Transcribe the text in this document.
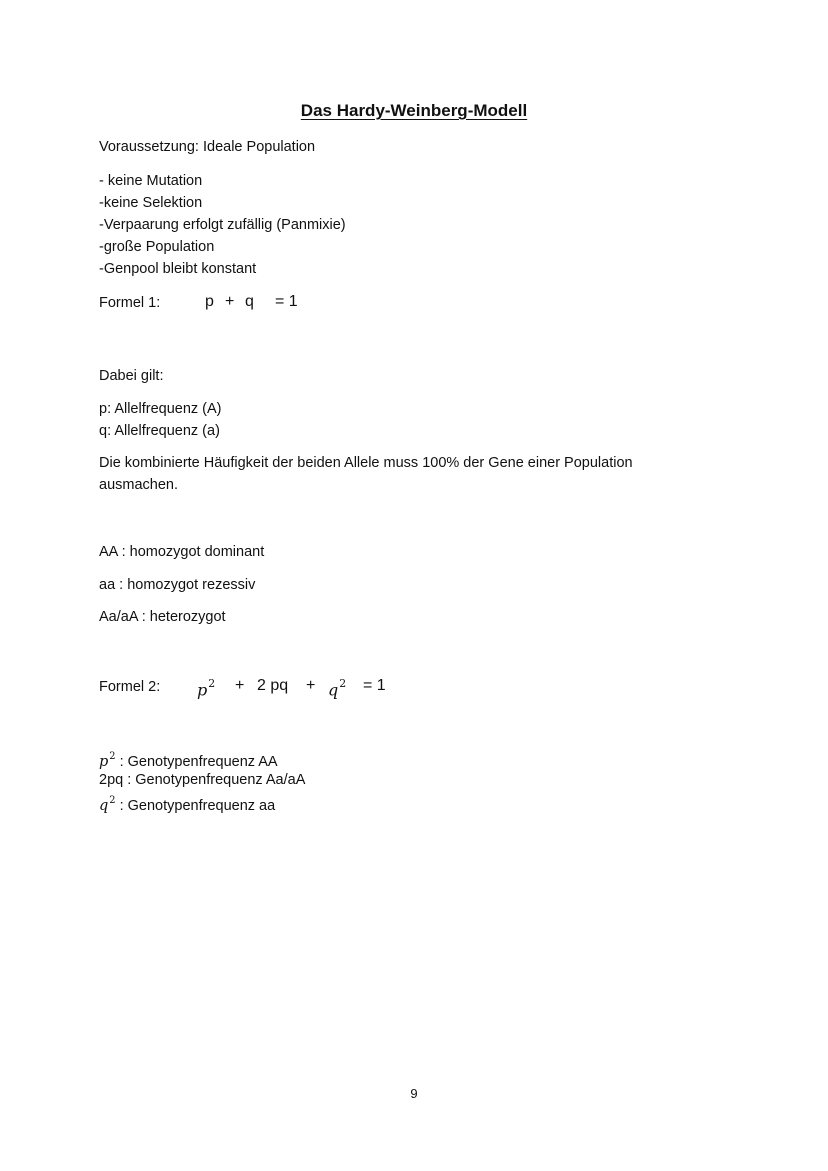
Das Hardy-Weinberg-Modell
Voraussetzung: Ideale Population
- keine Mutation
-keine Selektion
-Verpaarung erfolgt zufällig (Panmixie)
-große Population
-Genpool bleibt konstant
Formel 1:	p + q = 1
Dabei gilt:
p: Allelfrequenz (A)
q: Allelfrequenz (a)
Die kombinierte Häufigkeit der beiden Allele muss 100% der Gene einer Population
ausmachen.
AA : homozygot dominant
aa : homozygot rezessiv
Aa/aA : heterozygot
Formel 2: $p^2 + 2$ pq + $q^2 = 1$
$p^2$ : Genotypenfrequenz AA
2pq : Genotypenfrequenz Aa/aA
$q^2$ : Genotypenfrequenz aa
9
